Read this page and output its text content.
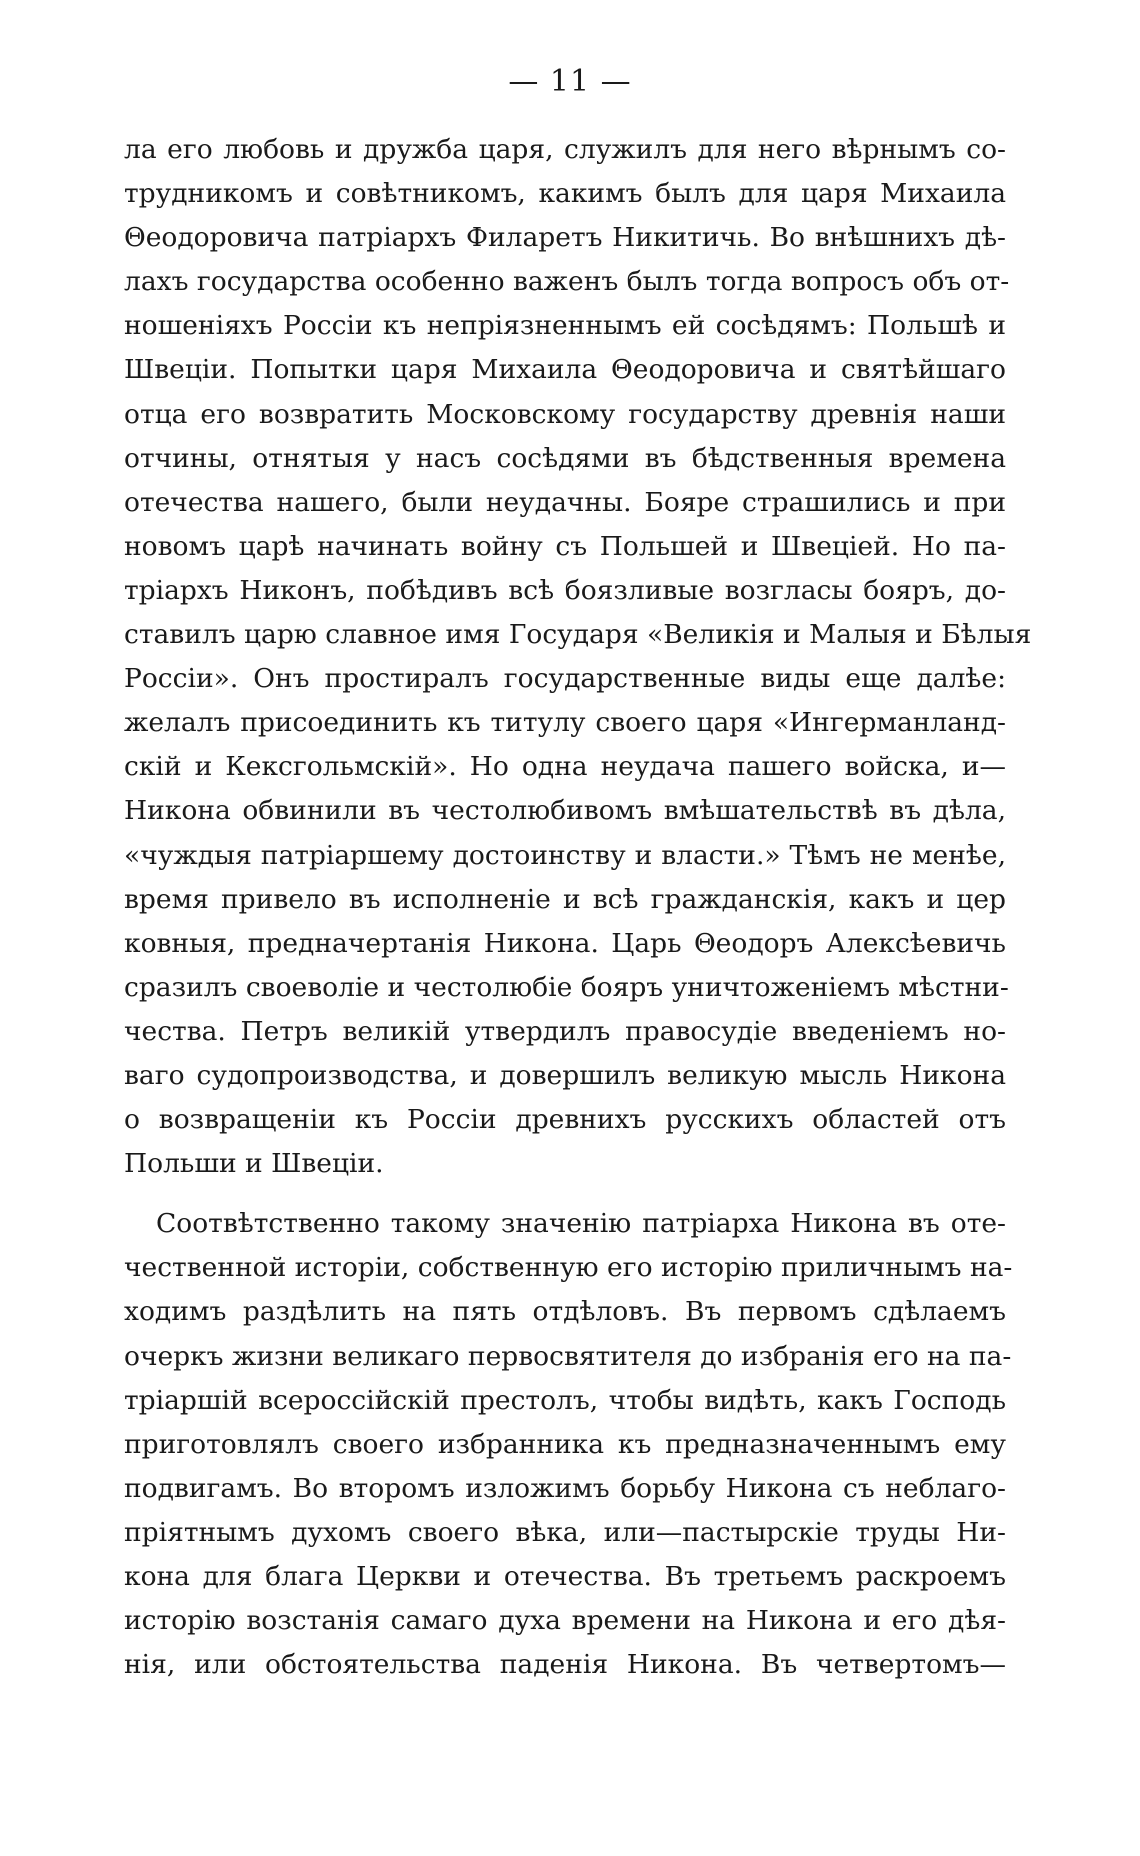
— 11 —
ла его любовь и дружба царя, служилъ для него вѣрнымъ со-
трудникомъ и совѣтникомъ, какимъ былъ для царя Михаила
Θеодоровича патріархъ Филаретъ Никитичь. Во внѣшнихъ дѣ-
лахъ государства особенно важенъ былъ тогда вопросъ объ от-
ношеніяхъ Россіи къ непріязненнымъ ей сосѣдямъ: Польшѣ и
Швеціи. Попытки царя Михаила Θеодоровича и святѣйшаго
отца его возвратить Московскому государству древнія наши
отчины, отнятыя у насъ сосѣдями въ бѣдственныя времена
отечества нашего, были неудачны. Бояре страшились и при
новомъ царѣ начинать войну съ Польшей и Швеціей. Но па-
тріархъ Никонъ, побѣдивъ всѣ боязливые возгласы бояръ, до-
ставилъ царю славное имя Государя «Великія и Малыя и Бѣлыя
Россіи». Онъ простиралъ государственные виды еще далѣе:
желалъ присоединить къ титулу своего царя «Ингерманланд-
скій и Кексгольмскій». Но одна неудача пашего войска, и—
Никона обвинили въ честолюбивомъ вмѣшательствѣ въ дѣла,
«чуждыя патріаршему достоинству и власти.» Тѣмъ не менѣе,
время привело въ исполненіе и всѣ гражданскія, какъ и цер
ковныя, предначертанія Никона. Царь Θеодоръ Алексѣевичь
сразилъ своеволіе и честолюбіе бояръ уничтоженіемъ мѣстни-
чества. Петръ великій утвердилъ правосудіе введеніемъ но-
ваго судопроизводства, и довершилъ великую мысль Никона
о возвращеніи къ Россіи древнихъ русскихъ областей отъ
Польши и Швеціи.
Соотвѣтственно такому значенію патріарха Никона въ оте-
чественной исторіи, собственную его исторію приличнымъ на-
ходимъ раздѣлить на пять отдѣловъ. Въ первомъ сдѣлаемъ
очеркъ жизни великаго первосвятителя до избранія его на па-
тріаршій всероссійскій престолъ, чтобы видѣть, какъ Господь
приготовлялъ своего избранника къ предназначеннымъ ему
подвигамъ. Во второмъ изложимъ борьбу Никона съ неблаго-
пріятнымъ духомъ своего вѣка, или—пастырскіе труды Ни-
кона для блага Церкви и отечества. Въ третьемъ раскроемъ
исторію возстанія самаго духа времени на Никона и его дѣя-
нія, или обстоятельства паденія Никона. Въ четвертомъ—
